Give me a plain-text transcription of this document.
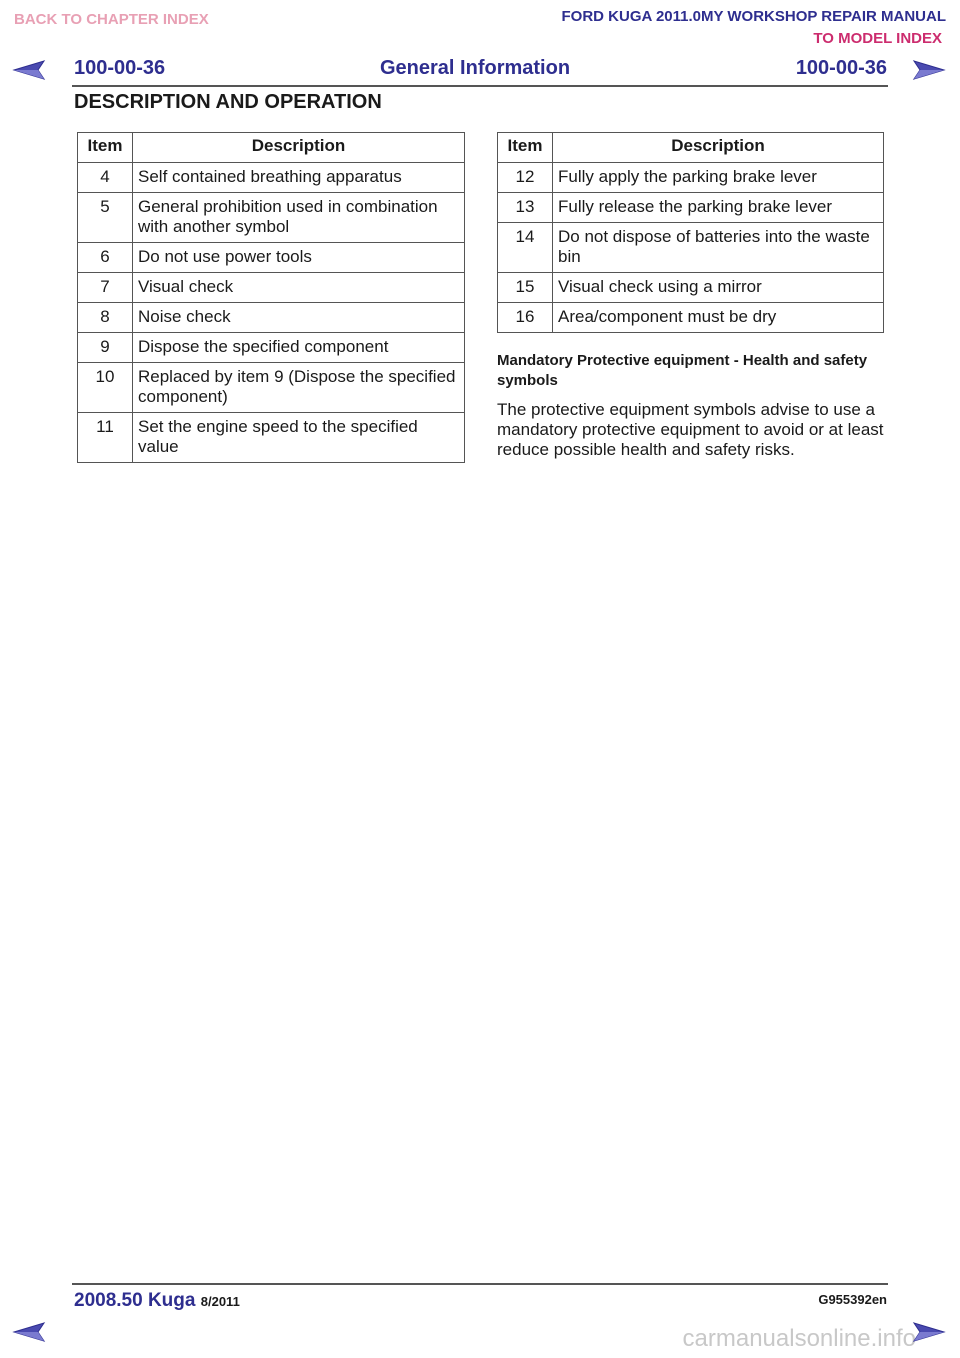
BACK TO CHAPTER INDEX	FORD KUGA 2011.0MY WORKSHOP REPAIR MANUAL
TO MODEL INDEX
100-00-36	General Information	100-00-36
DESCRIPTION AND OPERATION
Item	Description
4	Self contained breathing apparatus
5	General prohibition used in combination with another symbol
6	Do not use power tools
7	Visual check
8	Noise check
9	Dispose the specified component
10	Replaced by item 9 (Dispose the specified component)
11	Set the engine speed to the specified value
Item	Description
12	Fully apply the parking brake lever
13	Fully release the parking brake lever
14	Do not dispose of batteries into the waste bin
15	Visual check using a mirror
16	Area/component must be dry
Mandatory Protective equipment - Health and safety symbols
The protective equipment symbols advise to use a mandatory protective equipment to avoid or at least reduce possible health and safety risks.
2008.50 Kuga 8/2011	G955392en
carmanualsonline.info
